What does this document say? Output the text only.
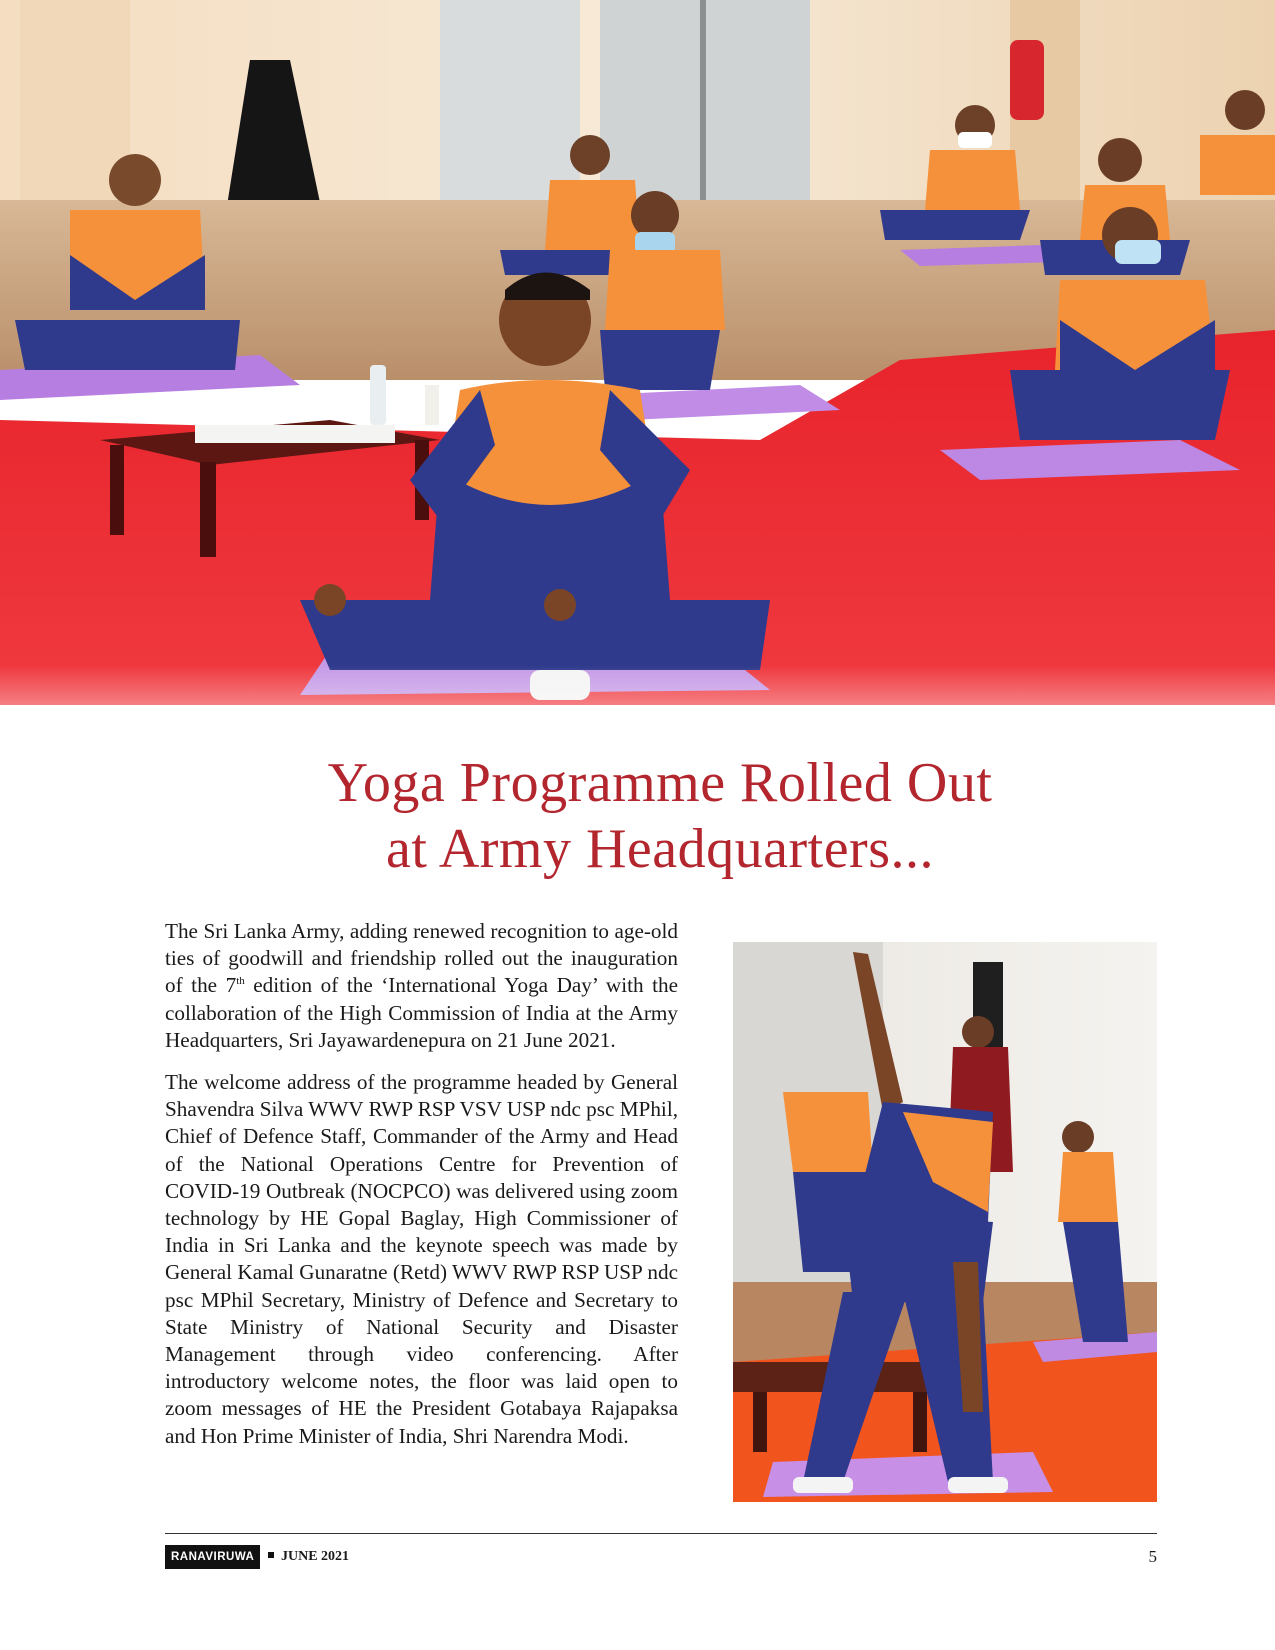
Yoga Programme Rolled Out
at Army Headquarters...

The Sri Lanka Army, adding renewed recognition to age-old ties of goodwill and friendship rolled out the inauguration of the 7th edition of the ‘International Yoga Day’ with the collaboration of the High Commission of India at the Army Headquarters, Sri Jayawardenepura on 21 June 2021.

The welcome address of the programme headed by General Shavendra Silva WWV RWP RSP VSV USP ndc psc MPhil, Chief of Defence Staff, Commander of the Army and Head of the National Operations Centre for Prevention of COVID-19 Outbreak (NOCPCO) was delivered using zoom technology by HE Gopal Baglay, High Commissioner of India in Sri Lanka and the keynote speech was made by General Kamal Gunaratne (Retd) WWV RWP RSP USP ndc psc MPhil Secretary, Ministry of Defence and Secretary to State Ministry of National Security and Disaster Management through video conferencing. After introductory welcome notes, the floor was laid open to zoom messages of HE the President Gotabaya Rajapaksa and Hon Prime Minister of India, Shri Narendra Modi.

RANAVIRUWA	JUNE 2021	5
